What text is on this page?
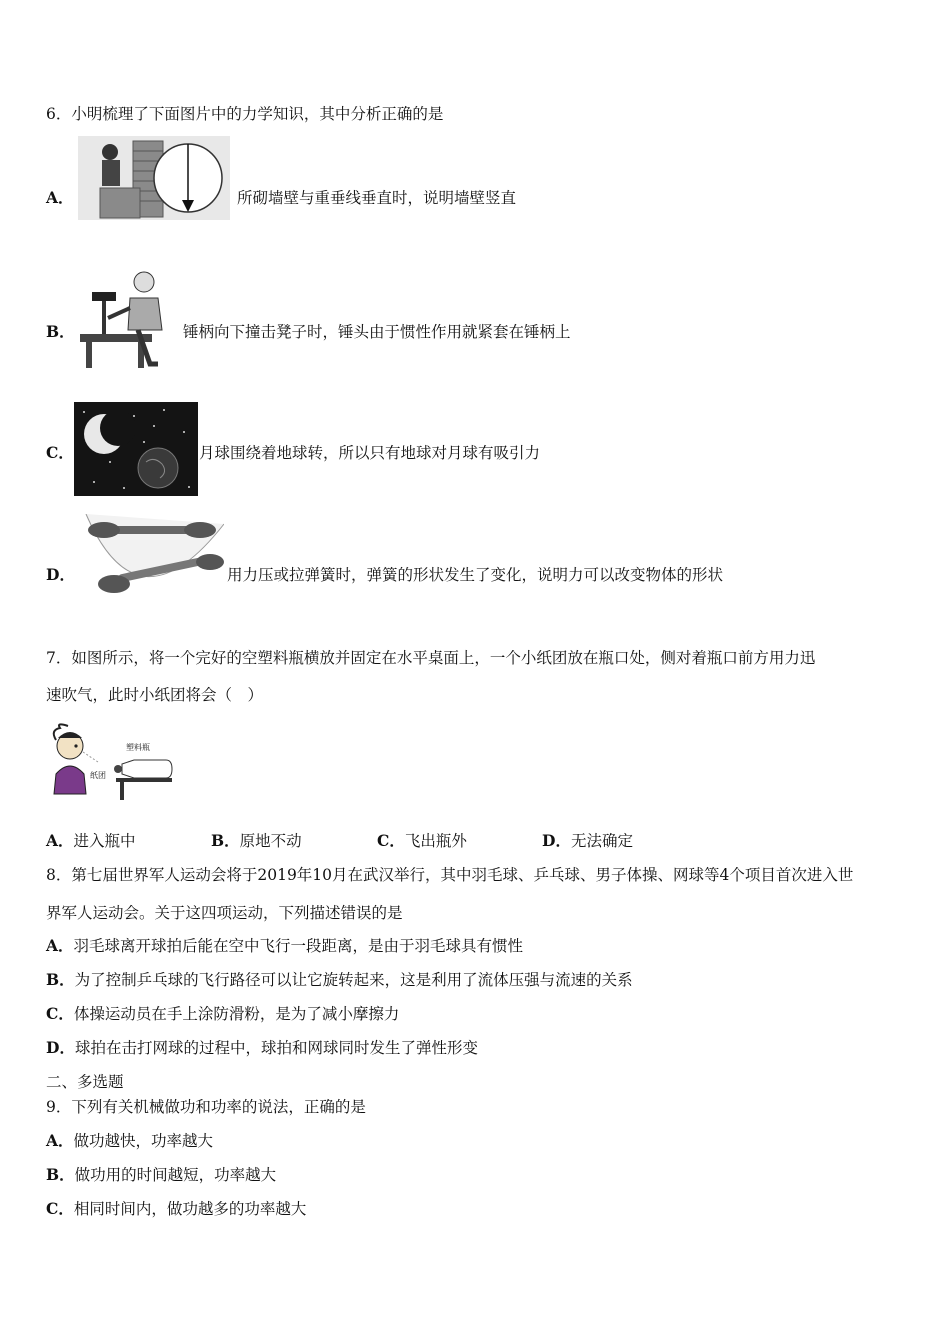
6．小明梳理了下面图片中的力学知识，其中分析正确的是
A．	所砌墙壁与重垂线垂直时，说明墙壁竖直
B．	锤柄向下撞击凳子时，锤头由于惯性作用就紧套在锤柄上
C．	月球围绕着地球转，所以只有地球对月球有吸引力
D．	用力压或拉弹簧时，弹簧的形状发生了变化，说明力可以改变物体的形状
7．如图所示，将一个完好的空塑料瓶横放并固定在水平桌面上，一个小纸团放在瓶口处，侧对着瓶口前方用力迅
速吹气，此时小纸团将会（　）
塑料瓶
纸团
A．进入瓶中	B．原地不动	C．飞出瓶外	D．无法确定
8．第七届世界军人运动会将于2019年10月在武汉举行，其中羽毛球、乒乓球、男子体操、网球等4个项目首次进入世
界军人运动会。关于这四项运动，下列描述错误的是
A．羽毛球离开球拍后能在空中飞行一段距离，是由于羽毛球具有惯性
B．为了控制乒乓球的飞行路径可以让它旋转起来，这是利用了流体压强与流速的关系
C．体操运动员在手上涂防滑粉，是为了减小摩擦力
D．球拍在击打网球的过程中，球拍和网球同时发生了弹性形变
二、多选题
9．下列有关机械做功和功率的说法，正确的是
A．做功越快，功率越大
B．做功用的时间越短，功率越大
C．相同时间内，做功越多的功率越大
